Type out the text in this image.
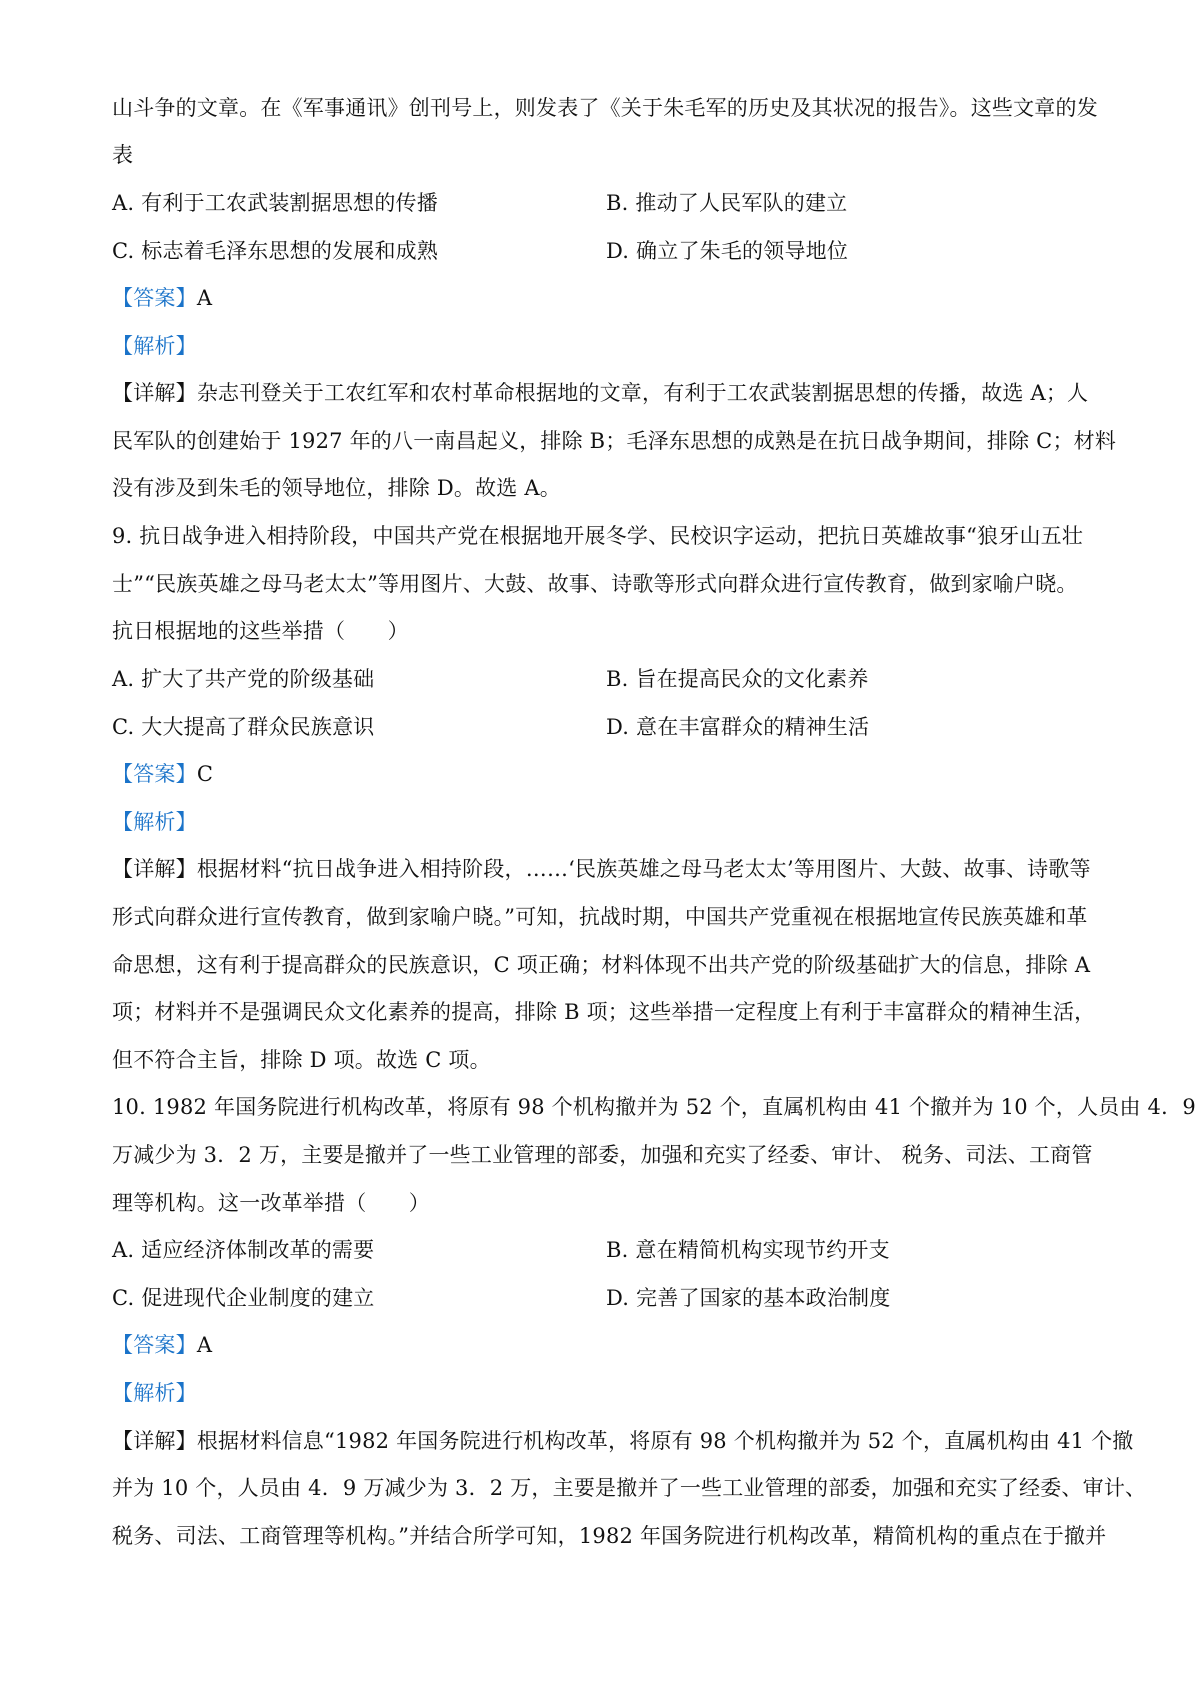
山斗争的文章。在《军事通讯》创刊号上，则发表了《关于朱毛军的历史及其状况的报告》。这些文章的发
表
A. 有利于工农武装割据思想的传播	B. 推动了人民军队的建立
C. 标志着毛泽东思想的发展和成熟	D. 确立了朱毛的领导地位
【答案】A
【解析】
【详解】杂志刊登关于工农红军和农村革命根据地的文章，有利于工农武装割据思想的传播，故选 A；人
民军队的创建始于 1927 年的八一南昌起义，排除 B；毛泽东思想的成熟是在抗日战争期间，排除 C；材料
没有涉及到朱毛的领导地位，排除 D。故选 A。
9. 抗日战争进入相持阶段，中国共产党在根据地开展冬学、民校识字运动，把抗日英雄故事“狼牙山五壮
士”“民族英雄之母马老太太”等用图片、大鼓、故事、诗歌等形式向群众进行宣传教育，做到家喻户晓。
抗日根据地的这些举措（　　）
A. 扩大了共产党的阶级基础	B. 旨在提高民众的文化素养
C. 大大提高了群众民族意识	D. 意在丰富群众的精神生活
【答案】C
【解析】
【详解】根据材料“抗日战争进入相持阶段，……‘民族英雄之母马老太太’等用图片、大鼓、故事、诗歌等
形式向群众进行宣传教育，做到家喻户晓。”可知，抗战时期，中国共产党重视在根据地宣传民族英雄和革
命思想，这有利于提高群众的民族意识，C 项正确；材料体现不出共产党的阶级基础扩大的信息，排除 A
项；材料并不是强调民众文化素养的提高，排除 B 项；这些举措一定程度上有利于丰富群众的精神生活，
但不符合主旨，排除 D 项。故选 C 项。
10. 1982 年国务院进行机构改革，将原有 98 个机构撤并为 52 个，直属机构由 41 个撤并为 10 个，人员由 4．9
万减少为 3．2 万，主要是撤并了一些工业管理的部委，加强和充实了经委、审计、 税务、司法、工商管
理等机构。这一改革举措（　　）
A. 适应经济体制改革的需要	B. 意在精简机构实现节约开支
C. 促进现代企业制度的建立	D. 完善了国家的基本政治制度
【答案】A
【解析】
【详解】根据材料信息“1982 年国务院进行机构改革，将原有 98 个机构撤并为 52 个，直属机构由 41 个撤
并为 10 个，人员由 4．9 万减少为 3．2 万，主要是撤并了一些工业管理的部委，加强和充实了经委、审计、
税务、司法、工商管理等机构。”并结合所学可知，1982 年国务院进行机构改革，精简机构的重点在于撤并
